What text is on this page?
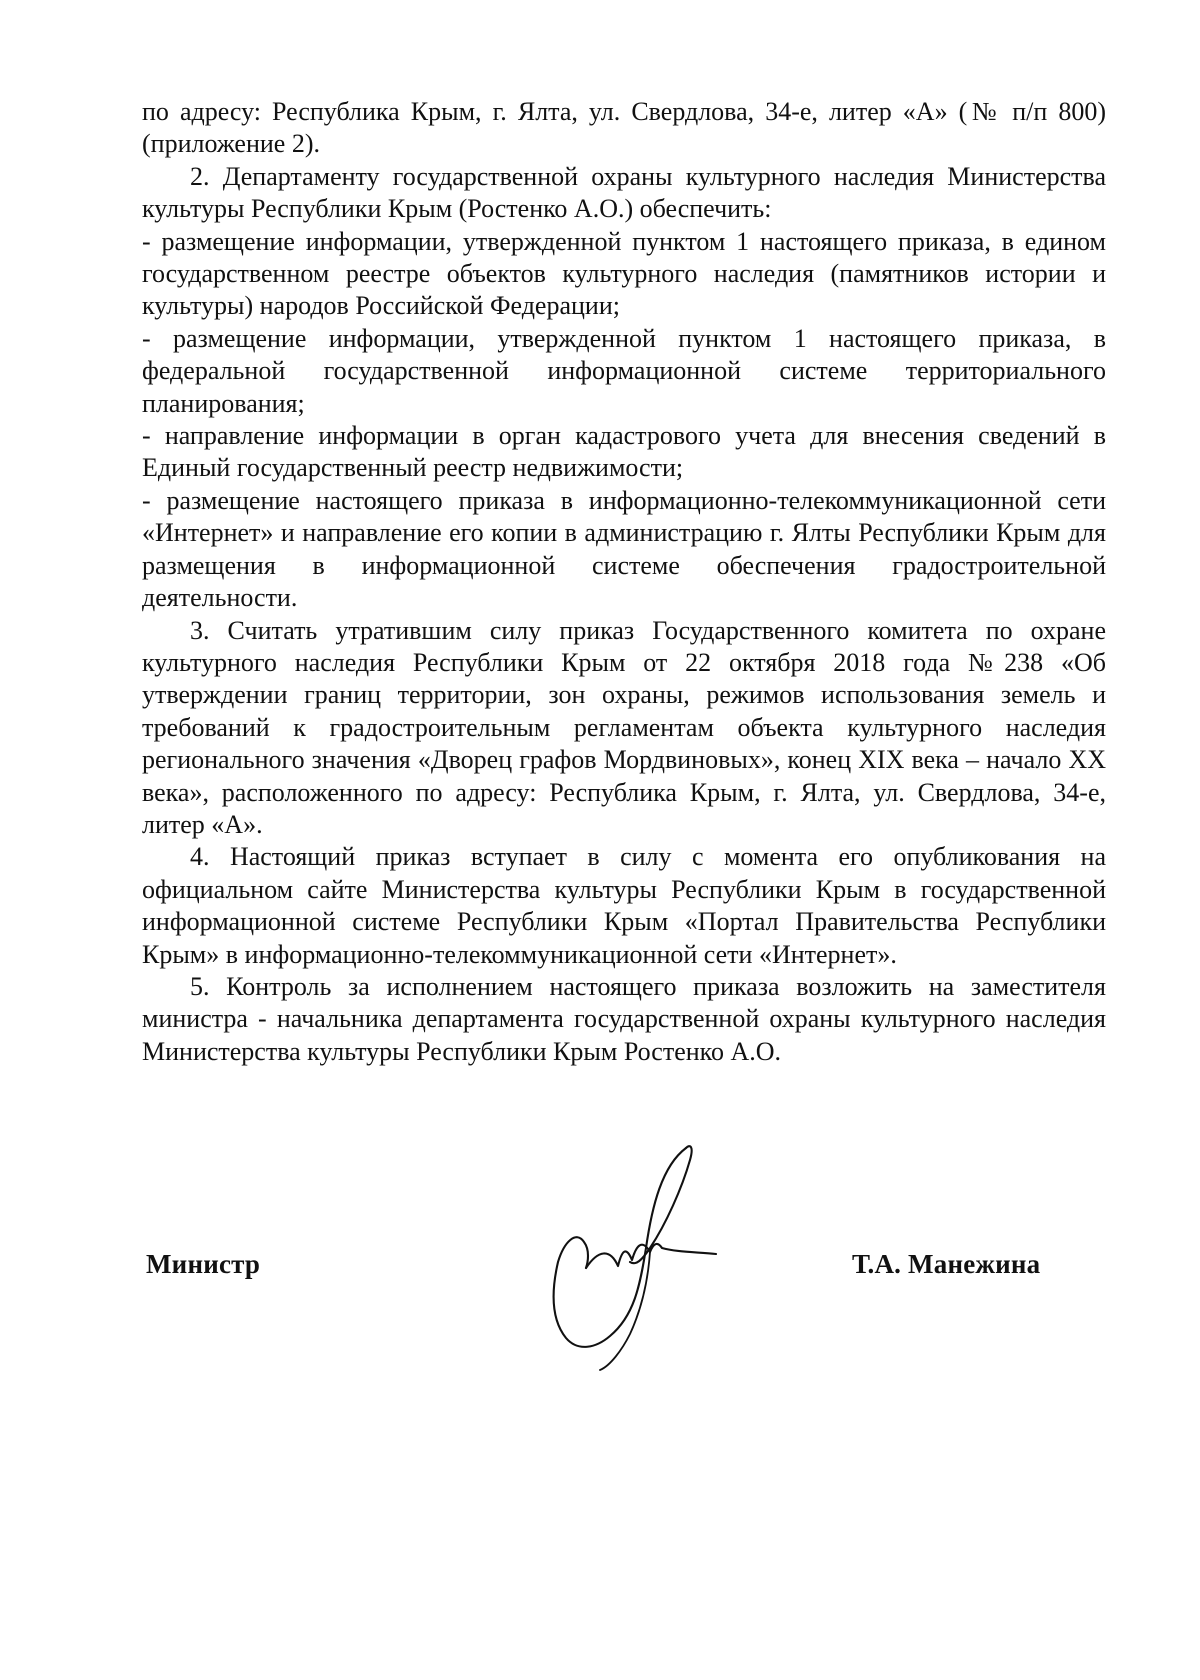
по адресу: Республика Крым, г. Ялта, ул. Свердлова, 34-е, литер «А» (№ п/п 800) (приложение 2).

2. Департаменту государственной охраны культурного наследия Министерства культуры Республики Крым (Ростенко А.О.) обеспечить:

- размещение информации, утвержденной пунктом 1 настоящего приказа, в едином государственном реестре объектов культурного наследия (памятников истории и культуры) народов Российской Федерации;

- размещение информации, утвержденной пунктом 1 настоящего приказа, в федеральной государственной информационной системе территориального планирования;

- направление информации в орган кадастрового учета для внесения сведений в Единый государственный реестр недвижимости;

- размещение настоящего приказа в информационно-телекоммуникационной сети «Интернет» и направление его копии в администрацию г. Ялты Республики Крым для размещения в информационной системе обеспечения градостроительной деятельности.

3. Считать утратившим силу приказ Государственного комитета по охране культурного наследия Республики Крым от 22 октября 2018 года №238 «Об утверждении границ территории, зон охраны, режимов использования земель и требований к градостроительным регламентам объекта культурного наследия регионального значения «Дворец графов Мордвиновых», конец XIX века – начало XX века», расположенного по адресу: Республика Крым, г. Ялта, ул. Свердлова, 34-е, литер «А».

4. Настоящий приказ вступает в силу с момента его опубликования на официальном сайте Министерства культуры Республики Крым в государственной информационной системе Республики Крым «Портал Правительства Республики Крым» в информационно-телекоммуникационной сети «Интернет».

5. Контроль за исполнением настоящего приказа возложить на заместителя министра - начальника департамента государственной охраны культурного наследия Министерства культуры Республики Крым Ростенко А.О.

Министр	Т.А. Манежина
